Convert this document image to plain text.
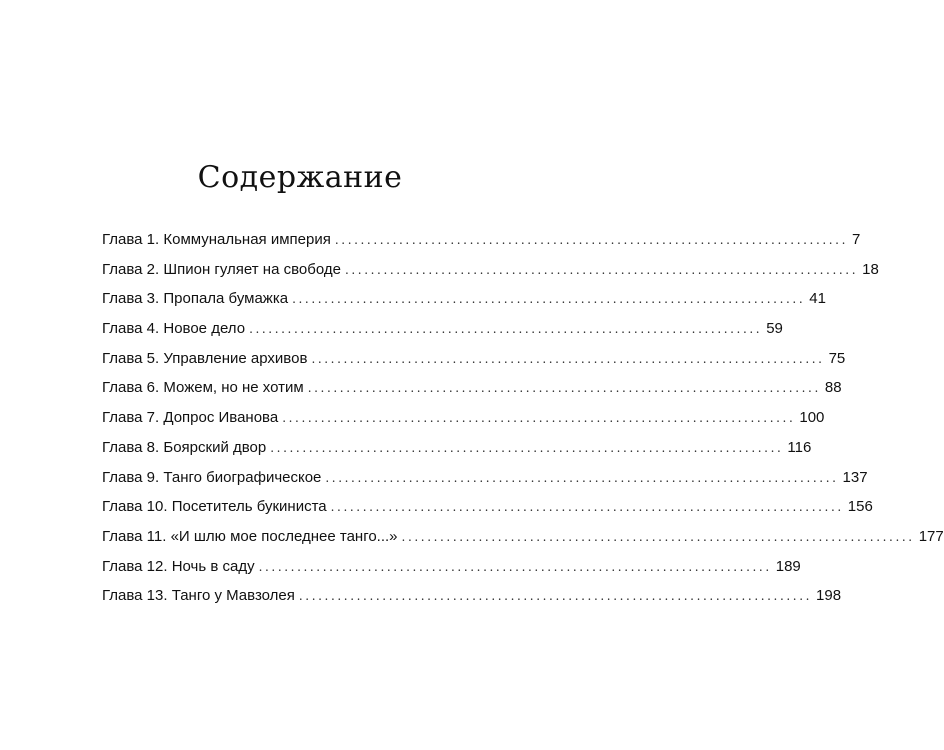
Содержание
Глава 1. Коммунальная империя ................................................................................ 7
Глава 2. Шпион гуляет на свободе ................................................................................ 18
Глава 3. Пропала бумажка ................................................................................ 41
Глава 4. Новое дело ................................................................................ 59
Глава 5. Управление архивов ................................................................................ 75
Глава 6. Можем, но не хотим ................................................................................ 88
Глава 7. Допрос Иванова ................................................................................ 100
Глава 8. Боярский двор ................................................................................ 116
Глава 9. Танго биографическое ................................................................................ 137
Глава 10. Посетитель букиниста ................................................................................ 156
Глава 11. «И шлю мое последнее танго...» ................................................................................ 177
Глава 12. Ночь в саду ................................................................................ 189
Глава 13. Танго у Мавзолея ................................................................................ 198
